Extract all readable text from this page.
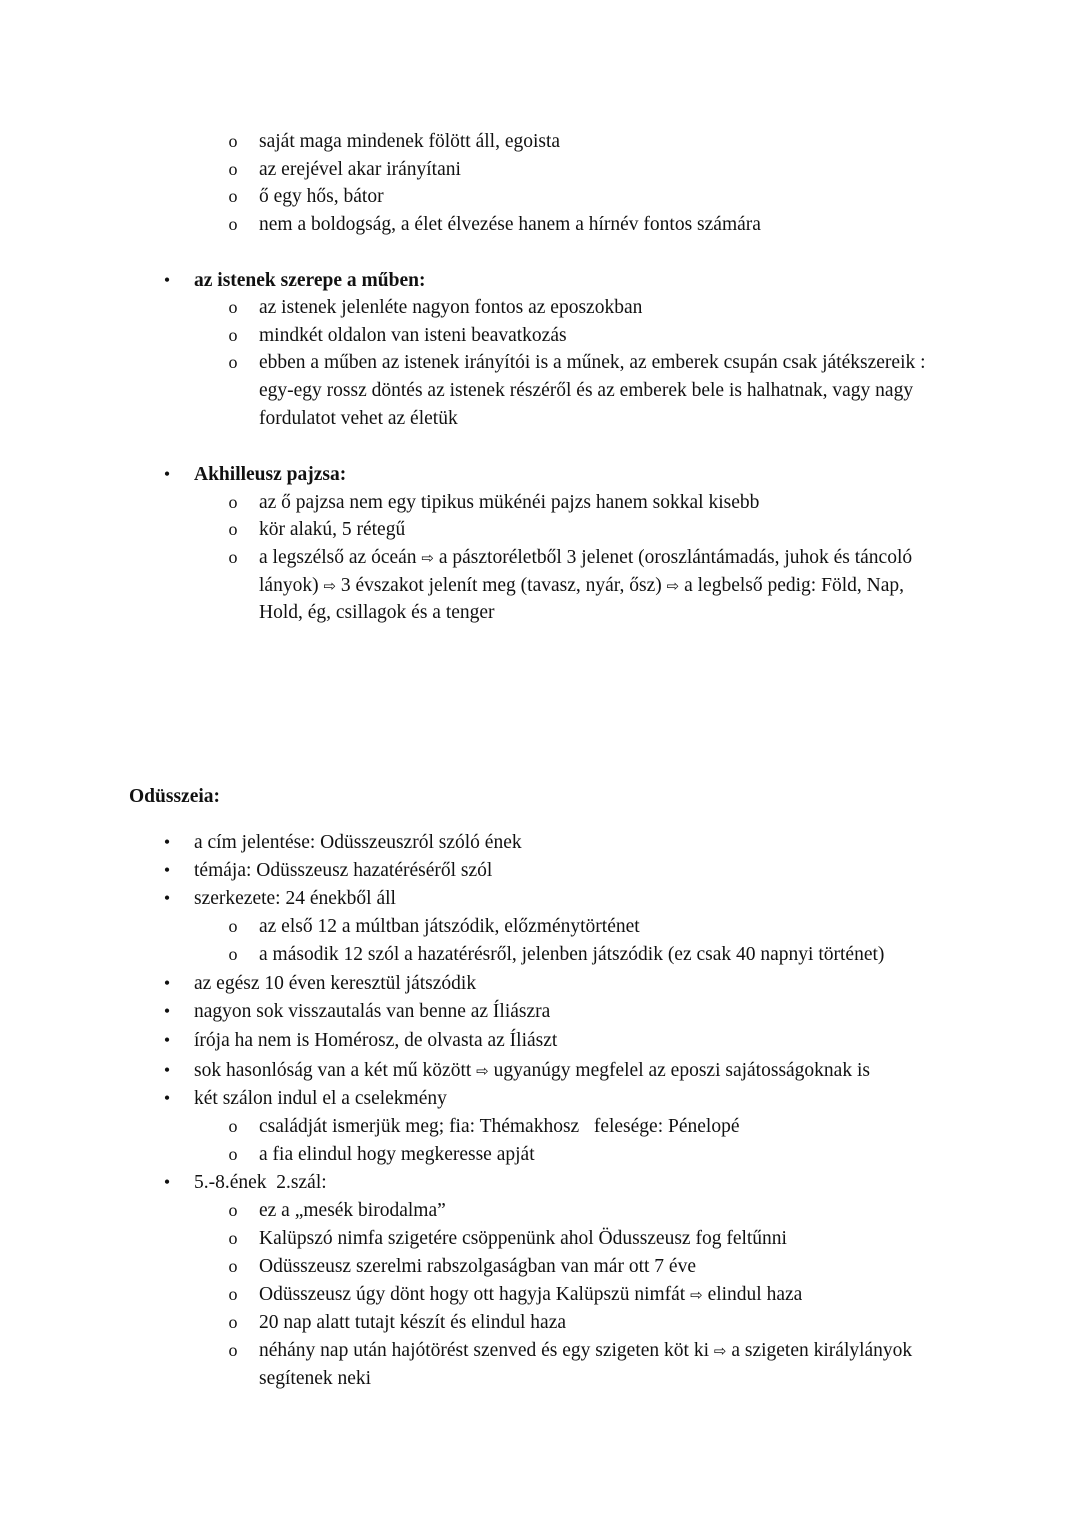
o saját maga mindenek fölött áll, egoista
o az erejével akar irányítani
o ő egy hős, bátor
o nem a boldogság, a élet élvezése hanem a hírnév fontos számára
• az istenek szerepe a műben:
o az istenek jelenléte nagyon fontos az eposzokban
o mindkét oldalon van isteni beavatkozás
o ebben a műben az istenek irányítói is a műnek, az emberek csupán csak játékszereik :
egy-egy rossz döntés az istenek részéről és az emberek bele is halhatnak, vagy nagy
fordulatot vehet az életük
• Akhilleusz pajzsa:
o az ő pajzsa nem egy tipikus mükénéi pajzs hanem sokkal kisebb
o kör alakú, 5 rétegű
o a legszélső az óceán ⇨ a pásztoréletből 3 jelenet (oroszlántámadás, juhok és táncoló
lányok) ⇨ 3 évszakot jelenít meg (tavasz, nyár, ősz) ⇨ a legbelső pedig: Föld, Nap,
Hold, ég, csillagok és a tenger
Odüsszeia:
• a cím jelentése: Odüsszeuszról szóló ének
• témája: Odüsszeusz hazatéréséről szól
• szerkezete: 24 énekből áll
o az első 12 a múltban játszódik, előzménytörténet
o a második 12 szól a hazatérésről, jelenben játszódik (ez csak 40 napnyi történet)
• az egész 10 éven keresztül játszódik
• nagyon sok visszautalás van benne az Íliászra
• írója ha nem is Homérosz, de olvasta az Íliászt
• sok hasonlóság van a két mű között ⇨ ugyanúgy megfelel az eposzi sajátosságoknak is
• két szálon indul el a cselekmény
o családját ismerjük meg; fia: Thémakhosz   felesége: Pénelopé
o a fia elindul hogy megkeresse apját
• 5.-8.ének  2.szál:
o ez a „mesék birodalma”
o Kalüpszó nimfa szigetére csöppenünk ahol Ödusszeusz fog feltűnni
o Odüsszeusz szerelmi rabszolgaságban van már ott 7 éve
o Odüsszeusz úgy dönt hogy ott hagyja Kalüpszü nimfát ⇨ elindul haza
o 20 nap alatt tutajt készít és elindul haza
o néhány nap után hajótörést szenved és egy szigeten köt ki ⇨ a szigeten királylányok
segítenek neki
